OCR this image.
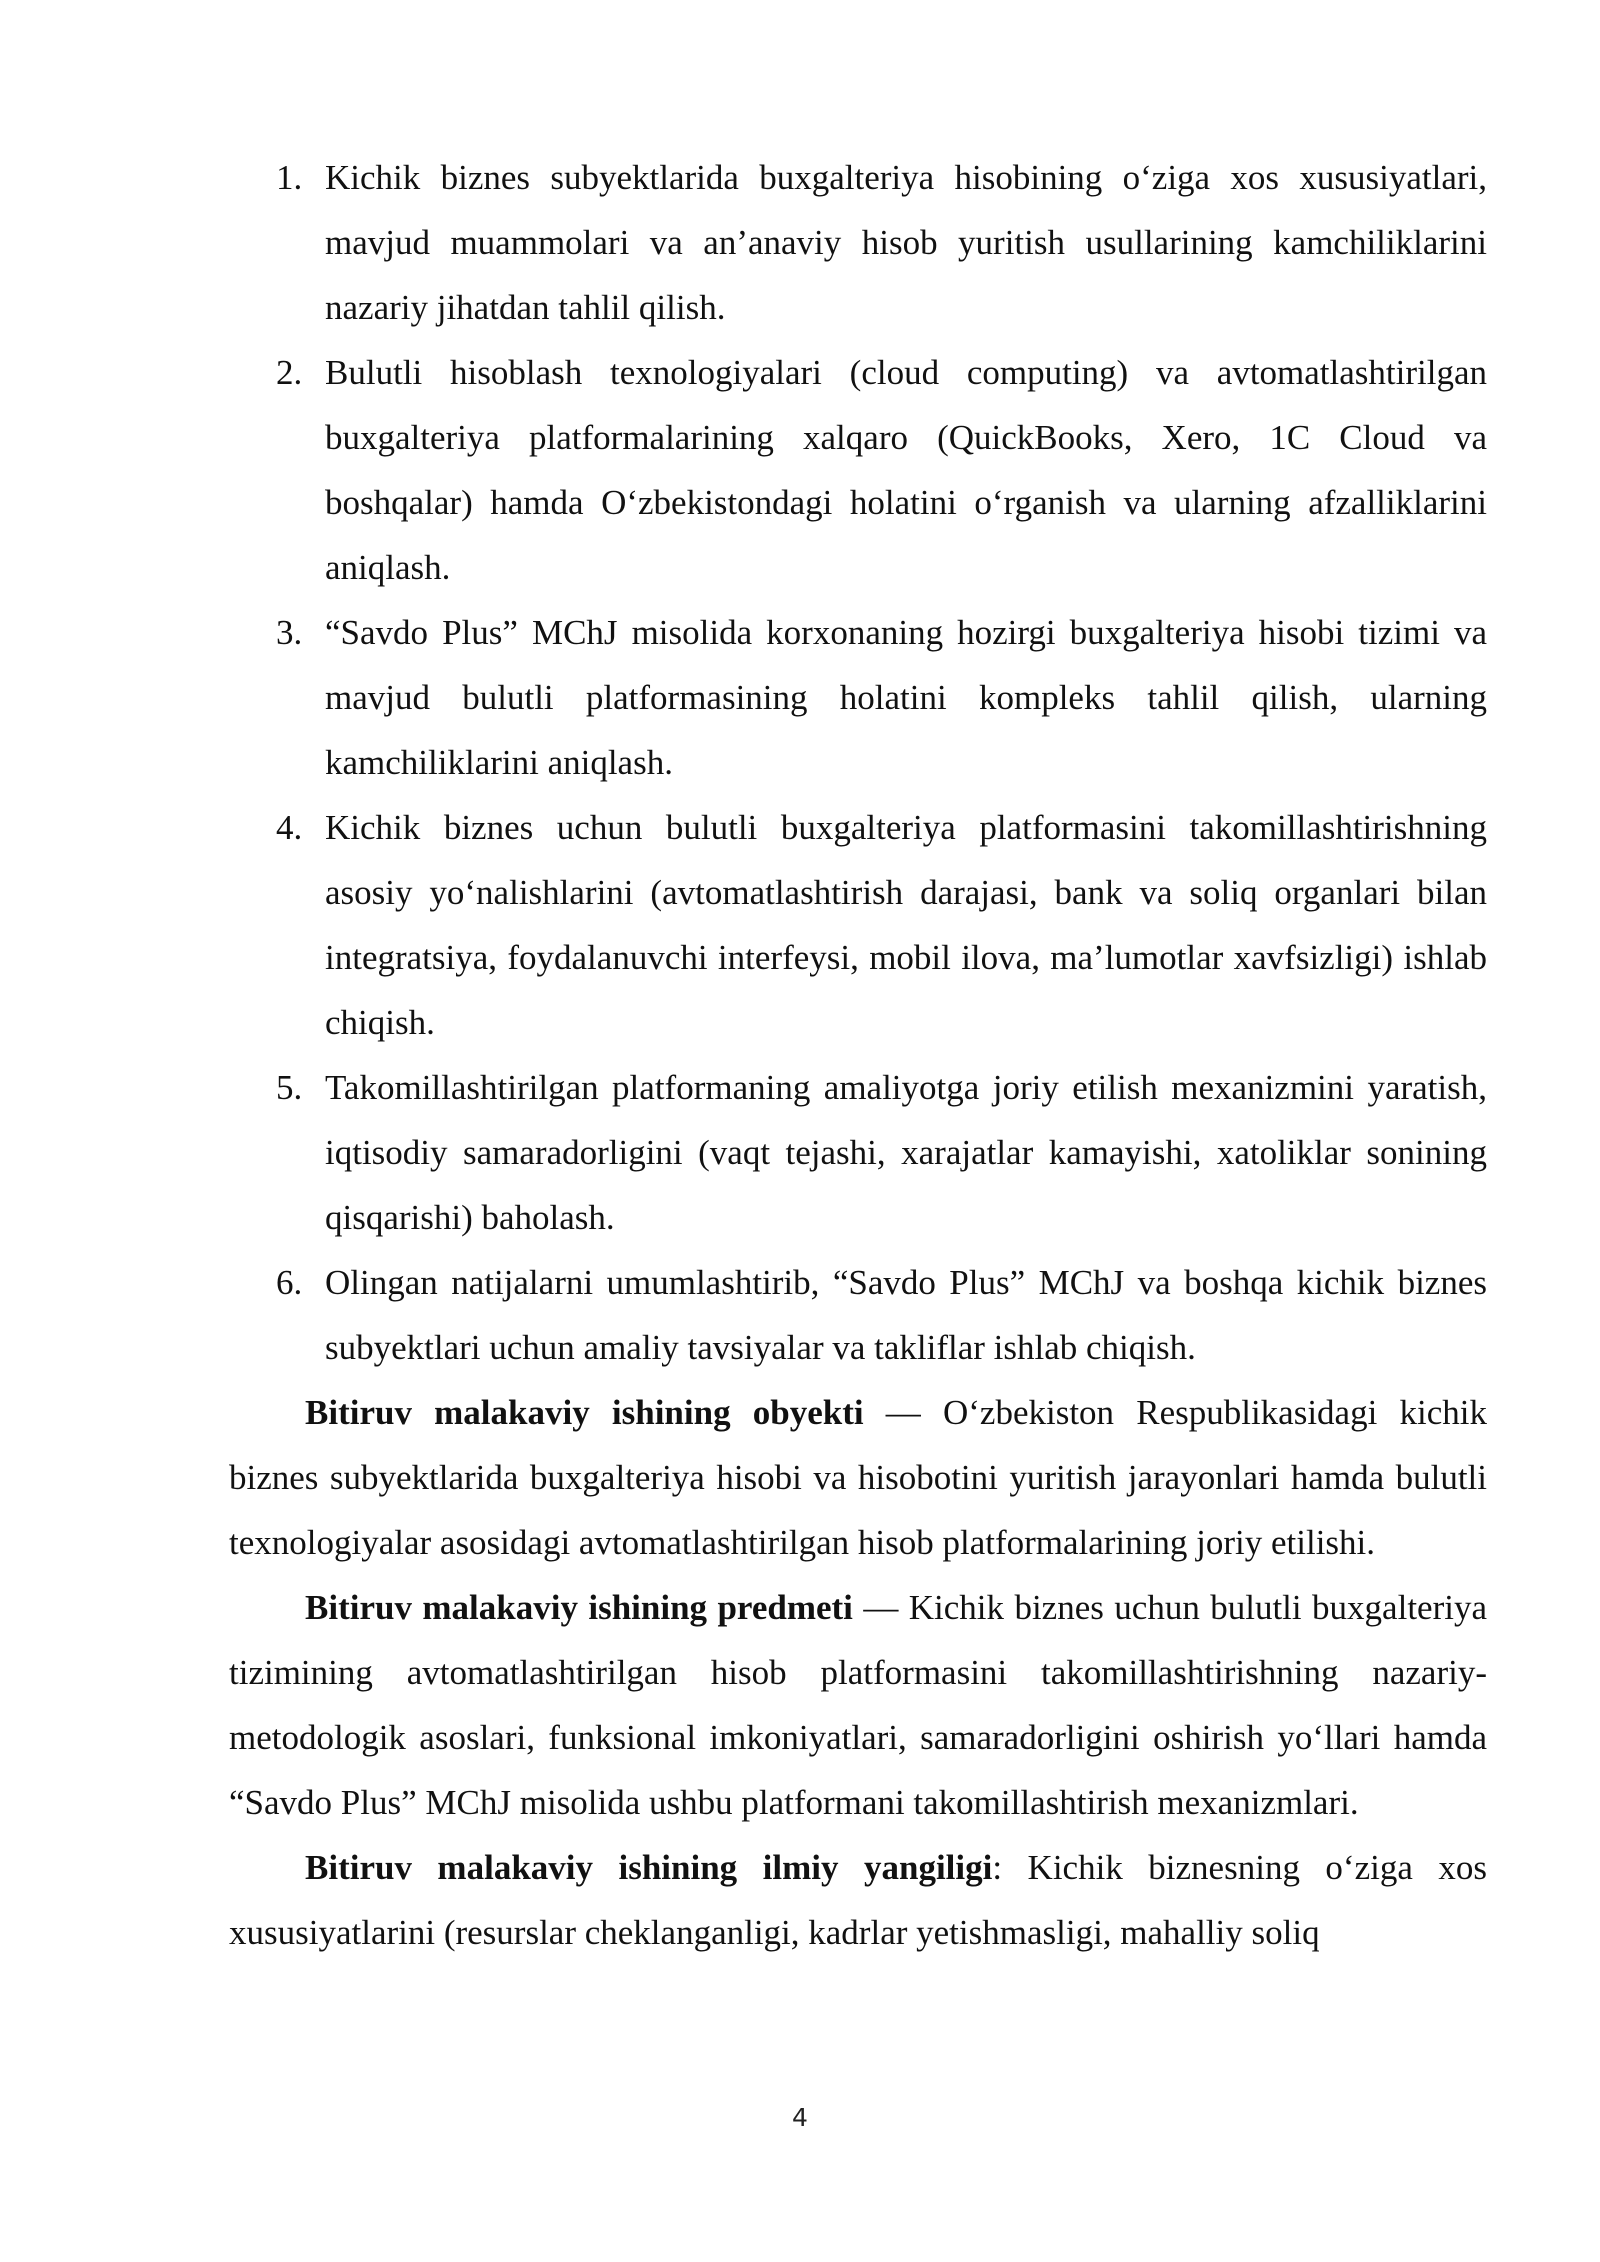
1. Kichik biznes subyektlarida buxgalteriya hisobining o‘ziga xos xususiyatlari, mavjud muammolari va an’anaviy hisob yuritish usullarining kamchiliklarini nazariy jihatdan tahlil qilish.
2. Bulutli hisoblash texnologiyalari (cloud computing) va avtomatlashtirilgan buxgalteriya platformalarining xalqaro (QuickBooks, Xero, 1C Cloud va boshqalar) hamda O‘zbekistondagi holatini o‘rganish va ularning afzalliklarini aniqlash.
3. “Savdo Plus” MChJ misolida korxonaning hozirgi buxgalteriya hisobi tizimi va mavjud bulutli platformasining holatini kompleks tahlil qilish, ularning kamchiliklarini aniqlash.
4. Kichik biznes uchun bulutli buxgalteriya platformasini takomillashtirishning asosiy yo‘nalishlarini (avtomatlashtirish darajasi, bank va soliq organlari bilan integratsiya, foydalanuvchi interfeysi, mobil ilova, ma’lumotlar xavfsizligi) ishlab chiqish.
5. Takomillashtirilgan platformaning amaliyotga joriy etilish mexanizmini yaratish, iqtisodiy samaradorligini (vaqt tejashi, xarajatlar kamayishi, xatoliklar sonining qisqarishi) baholash.
6. Olingan natijalarni umumlashtirib, “Savdo Plus” MChJ va boshqa kichik biznes subyektlari uchun amaliy tavsiyalar va takliflar ishlab chiqish.

Bitiruv malakaviy ishining obyekti — O‘zbekiston Respublikasidagi kichik biznes subyektlarida buxgalteriya hisobi va hisobotini yuritish jarayonlari hamda bulutli texnologiyalar asosidagi avtomatlashtirilgan hisob platformalarining joriy etilishi.

Bitiruv malakaviy ishining predmeti — Kichik biznes uchun bulutli buxgalteriya tizimining avtomatlashtirilgan hisob platformasini takomillashtirishning nazariy-metodologik asoslari, funksional imkoniyatlari, samaradorligini oshirish yo‘llari hamda “Savdo Plus” MChJ misolida ushbu platformani takomillashtirish mexanizmlari.

Bitiruv malakaviy ishining ilmiy yangiligi: Kichik biznesning o‘ziga xos xususiyatlarini (resurslar cheklanganligi, kadrlar yetishmasligi, mahalliy soliq

4
